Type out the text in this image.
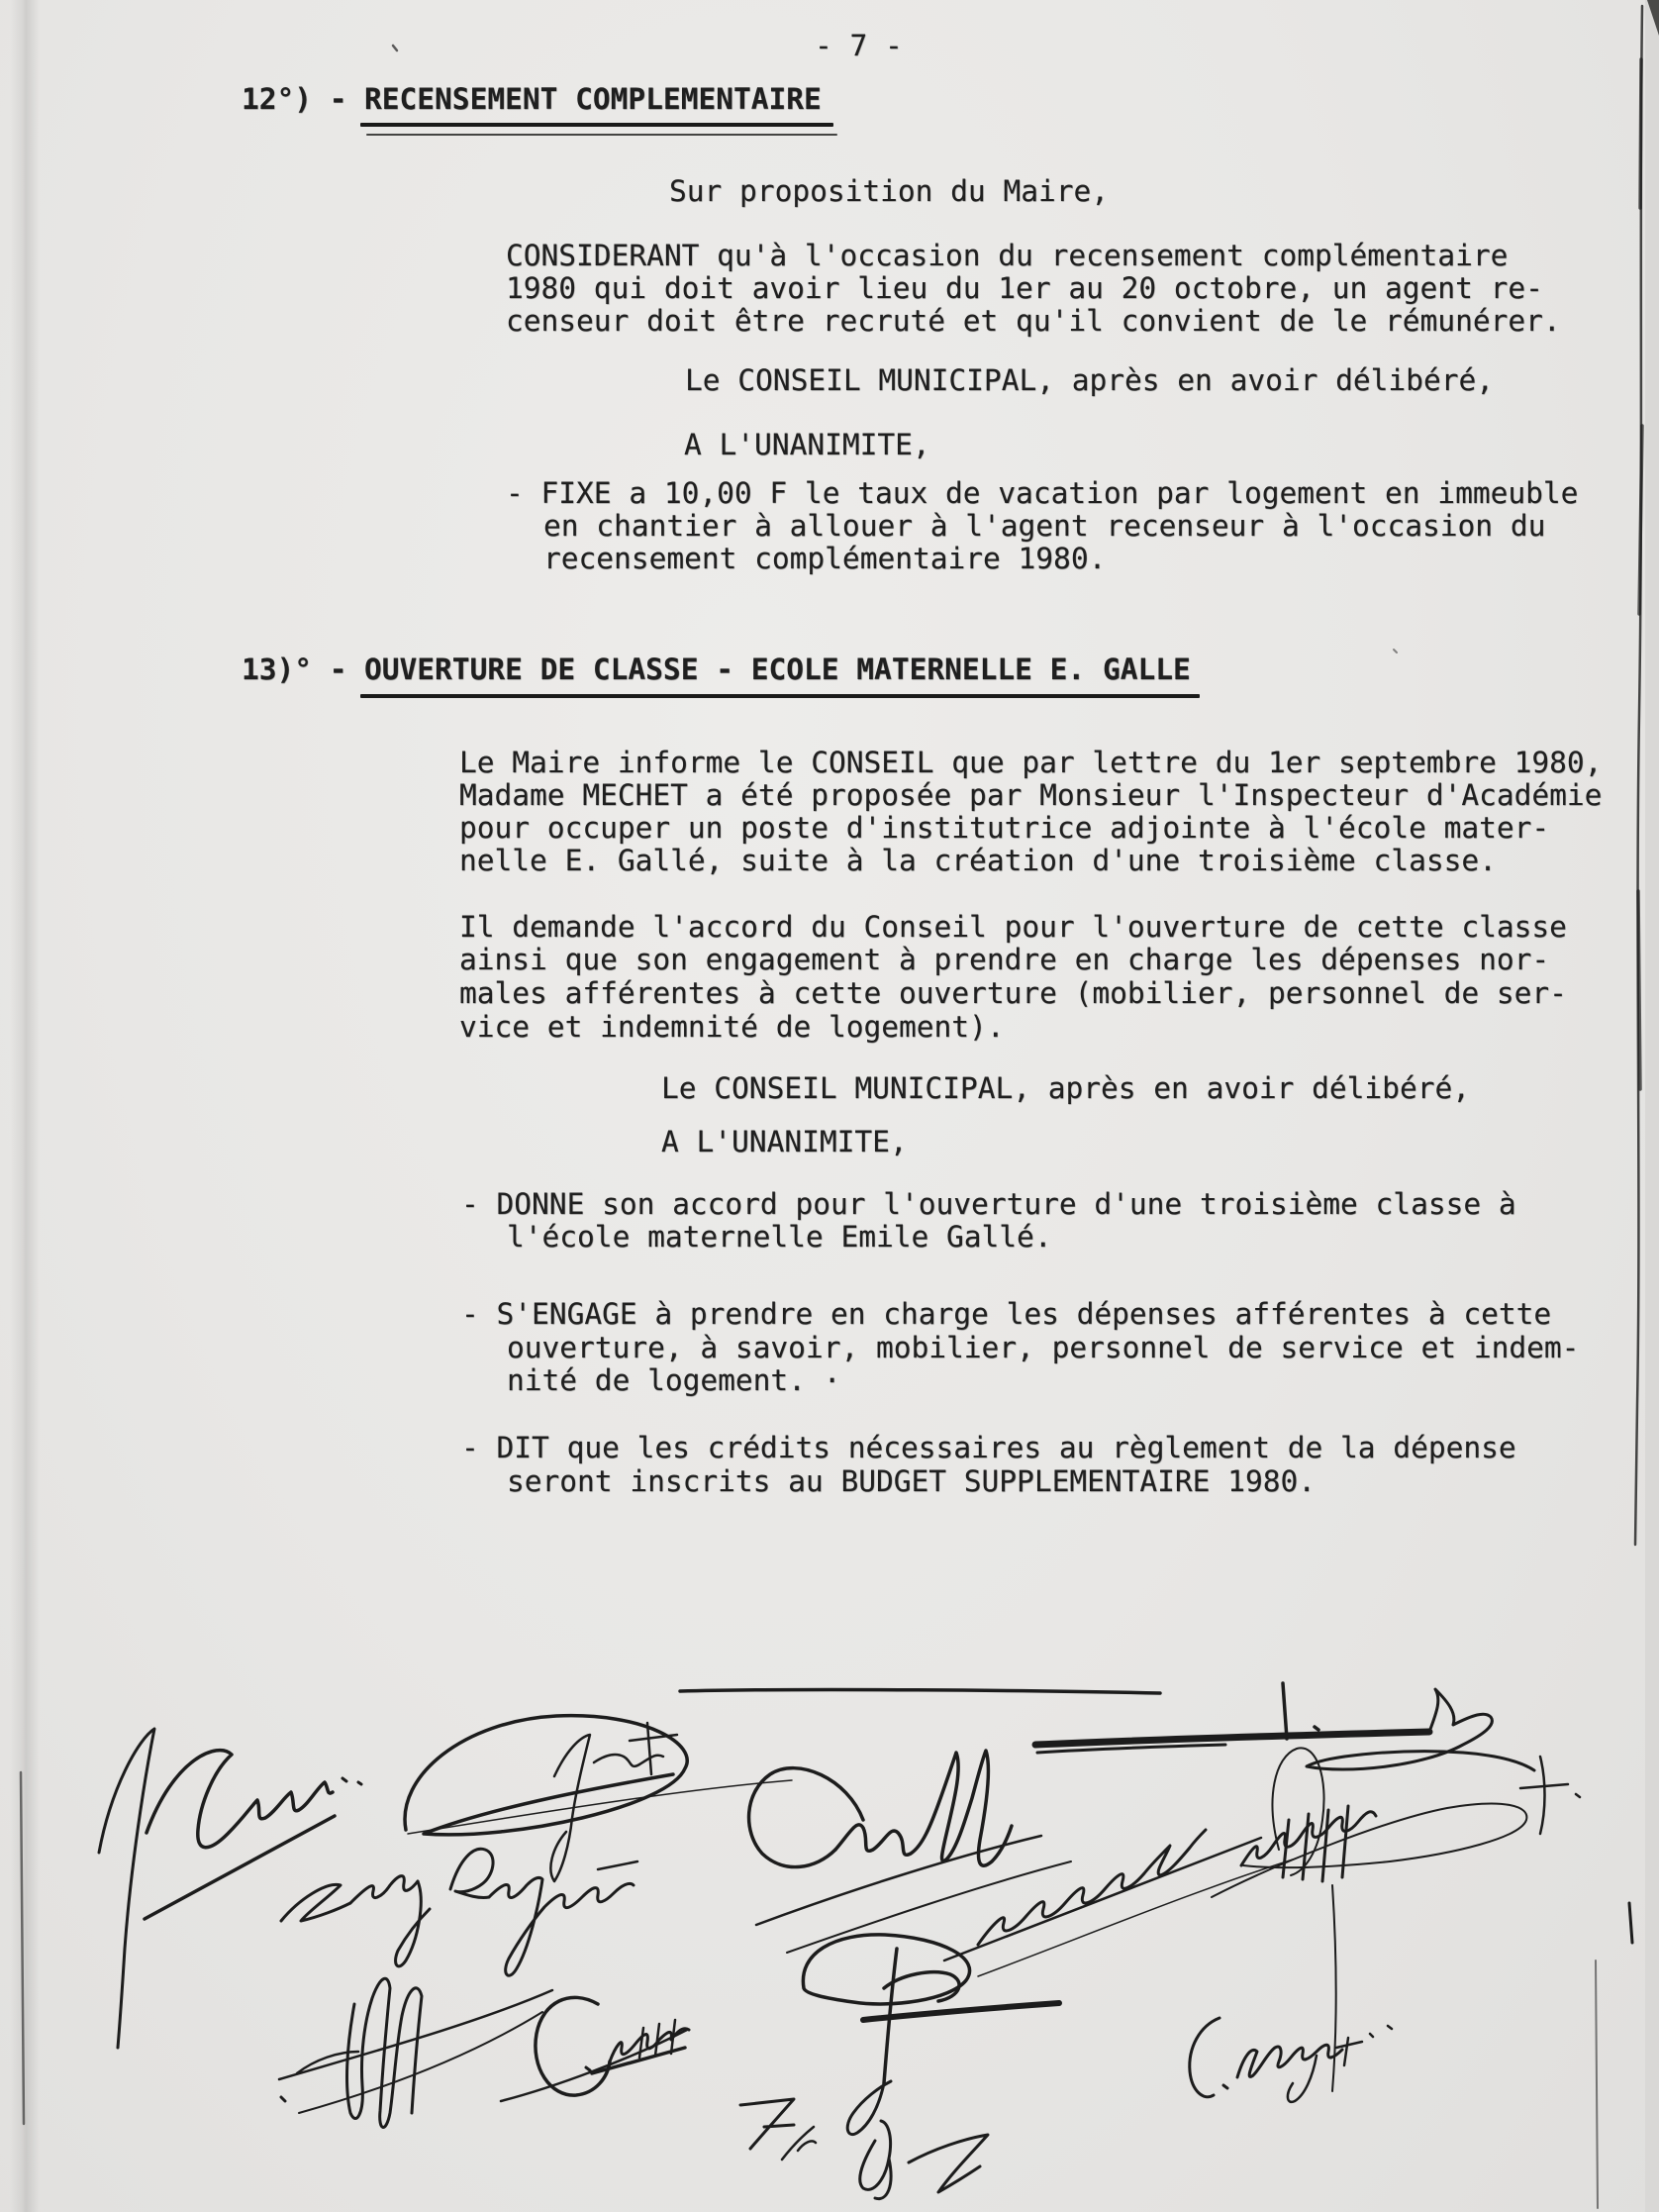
- 7 -
12°) - RECENSEMENT COMPLEMENTAIRE
Sur proposition du Maire,
CONSIDERANT qu'à l'occasion du recensement complémentaire
1980 qui doit avoir lieu du 1er au 20 octobre, un agent re-
censeur doit être recruté et qu'il convient de le rémunérer.
Le CONSEIL MUNICIPAL, après en avoir délibéré,
A L'UNANIMITE,
- FIXE a 10,00 F le taux de vacation par logement en immeuble
en chantier à allouer à l'agent recenseur à l'occasion du
recensement complémentaire 1980.
13)° - OUVERTURE DE CLASSE - ECOLE MATERNELLE E. GALLE
Le Maire informe le CONSEIL que par lettre du 1er septembre 1980,
Madame MECHET a été proposée par Monsieur l'Inspecteur d'Académie
pour occuper un poste d'institutrice adjointe à l'école mater-
nelle E. Gallé, suite à la création d'une troisième classe.
Il demande l'accord du Conseil pour l'ouverture de cette classe
ainsi que son engagement à prendre en charge les dépenses nor-
males afférentes à cette ouverture (mobilier, personnel de ser-
vice et indemnité de logement).
Le CONSEIL MUNICIPAL, après en avoir délibéré,
A L'UNANIMITE,
- DONNE son accord pour l'ouverture d'une troisième classe à
l'école maternelle Emile Gallé.
- S'ENGAGE à prendre en charge les dépenses afférentes à cette
ouverture, à savoir, mobilier, personnel de service et indem-
nité de logement. ·
- DIT que les crédits nécessaires au règlement de la dépense
seront inscrits au BUDGET SUPPLEMENTAIRE 1980.
